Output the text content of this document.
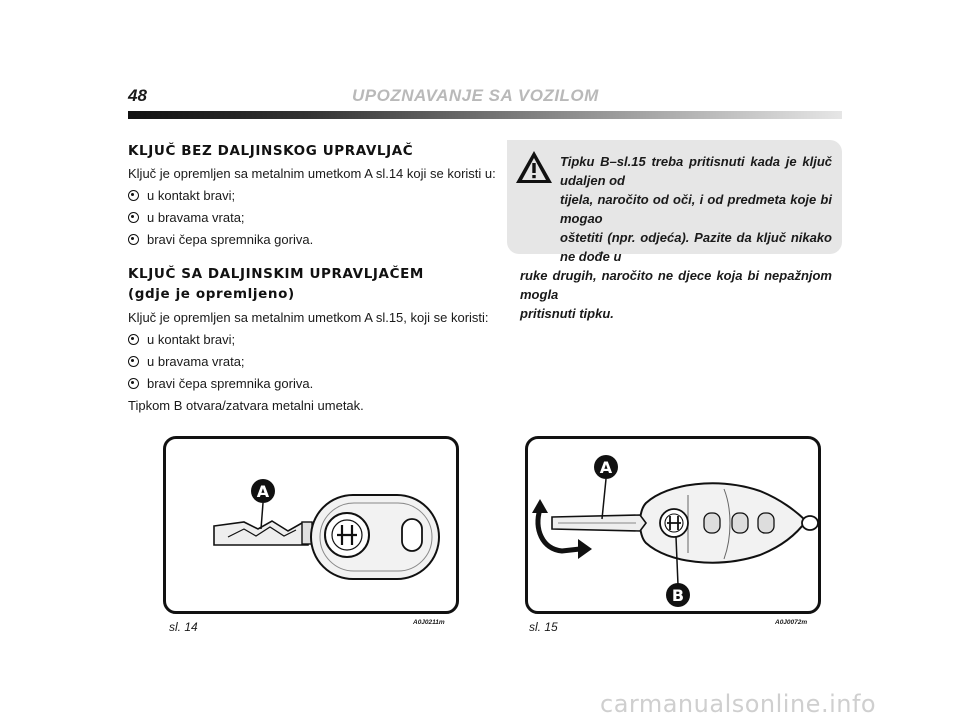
48	UPOZNAVANJE SA VOZILOM
KLJUČ BEZ DALJINSKOG UPRAVLJAČ
Ključ je opremljen sa metalnim umetkom A sl.14 koji se koristi u:
u kontakt bravi;
u bravama vrata;
bravi čepa spremnika goriva.
KLJUČ SA DALJINSKIM UPRAVLJAČEM
(gdje je opremljeno)
Ključ je opremljen sa metalnim umetkom A sl.15, koji se koristi:
u kontakt bravi;
u bravama vrata;
bravi čepa spremnika goriva.
Tipkom B otvara/zatvara metalni umetak.
Tipku B–sl.15 treba pritisnuti kada je ključ udaljen od
tijela, naročito od oči, i od predmeta koje bi mogao
oštetiti (npr. odjeća). Pazite da ključ nikako ne dođe u
ruke drugih, naročito ne djece koja bi nepažnjom mogla
pritisnuti tipku.
A
sl. 14	A0J0211m
A
B
sl. 15	A0J0072m
carmanualsonline.info
